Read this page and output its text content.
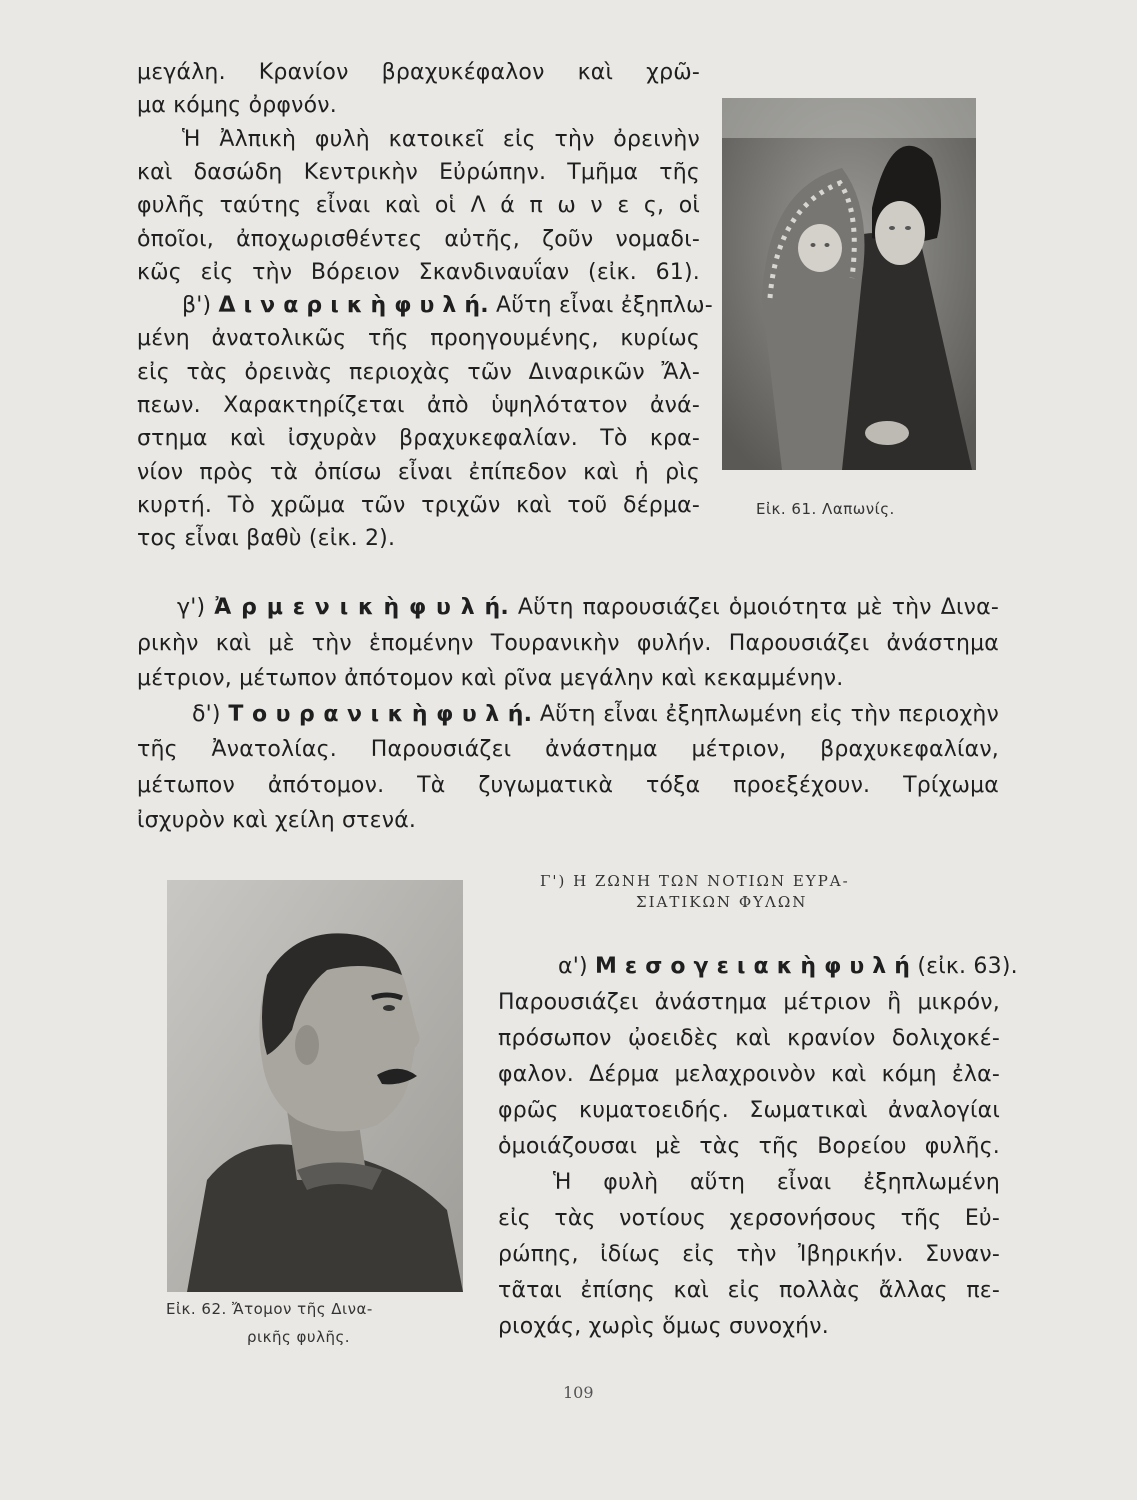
μεγάλη. Κρανίον βραχυκέφαλον καὶ χρῶ-
μα κόμης ὀρφνόν.
Ἡ Ἀλπικὴ φυλὴ κατοικεῖ εἰς τὴν ὀρεινὴν
καὶ δασώδη Κεντρικὴν Εὐρώπην. Τμῆμα τῆς
φυλῆς ταύτης εἶναι καὶ οἱ Λ ά π ω ν ε ς, οἱ
ὁποῖοι, ἀποχωρισθέντες αὐτῆς, ζοῦν νομαδι-
κῶς εἰς τὴν Βόρειον Σκανδιναυΐαν (εἰκ. 61).
β') Δ ι ν α ρ ι κ ὴ φ υ λ ή. Αὕτη εἶναι ἐξηπλω-
μένη ἀνατολικῶς τῆς προηγουμένης, κυρίως
εἰς τὰς ὀρεινὰς περιοχὰς τῶν Διναρικῶν Ἄλ-
πεων. Χαρακτηρίζεται ἀπὸ ὑψηλότατον ἀνά-
στημα καὶ ἰσχυρὰν βραχυκεφαλίαν. Τὸ κρα-
νίον πρὸς τὰ ὀπίσω εἶναι ἐπίπεδον καὶ ἡ ρὶς
κυρτή. Τὸ χρῶμα τῶν τριχῶν καὶ τοῦ δέρμα-
τος εἶναι βαθὺ (εἰκ. 2).
γ') Ἀ ρ μ ε ν ι κ ὴ φ υ λ ή. Αὕτη παρουσιάζει ὁμοιότητα μὲ τὴν Δινα-
ρικὴν καὶ μὲ τὴν ἑπομένην Τουρανικὴν φυλήν. Παρουσιάζει ἀνάστημα
μέτριον, μέτωπον ἀπότομον καὶ ρῖνα μεγάλην καὶ κεκαμμένην.
δ') Τ ο υ ρ α ν ι κ ὴ φ υ λ ή. Αὕτη εἶναι ἐξηπλωμένη εἰς τὴν περιοχὴν
τῆς Ἀνατολίας. Παρουσιάζει ἀνάστημα μέτριον, βραχυκεφαλίαν,
μέτωπον ἀπότομον. Τὰ ζυγωματικὰ τόξα προεξέχουν. Τρίχωμα
ἰσχυρὸν καὶ χείλη στενά.
α') Μ ε σ ο γ ε ι α κ ὴ φ υ λ ή (εἰκ. 63).
Παρουσιάζει ἀνάστημα μέτριον ἢ μικρόν,
πρόσωπον ᾠοειδὲς καὶ κρανίον δολιχοκέ-
φαλον. Δέρμα μελαχροινὸν καὶ κόμη ἐλα-
φρῶς κυματοειδής. Σωματικαὶ ἀναλογίαι
ὁμοιάζουσαι μὲ τὰς τῆς Βορείου φυλῆς.
Ἡ φυλὴ αὕτη εἶναι ἐξηπλωμένη
εἰς τὰς νοτίους χερσονήσους τῆς Εὐ-
ρώπης, ἰδίως εἰς τὴν Ἰβηρικήν. Συναν-
τᾶται ἐπίσης καὶ εἰς πολλὰς ἄλλας πε-
ριοχάς, χωρὶς ὅμως συνοχήν.
Εἰκ. 61. Λαπωνίς.
Γ') Η ΖΩΝΗ ΤΩΝ ΝΟΤΙΩΝ ΕΥΡΑ-
ΣΙΑΤΙΚΩΝ ΦΥΛΩΝ
Εἰκ. 62. Ἄτομον τῆς Δινα-
ρικῆς φυλῆς.
109
